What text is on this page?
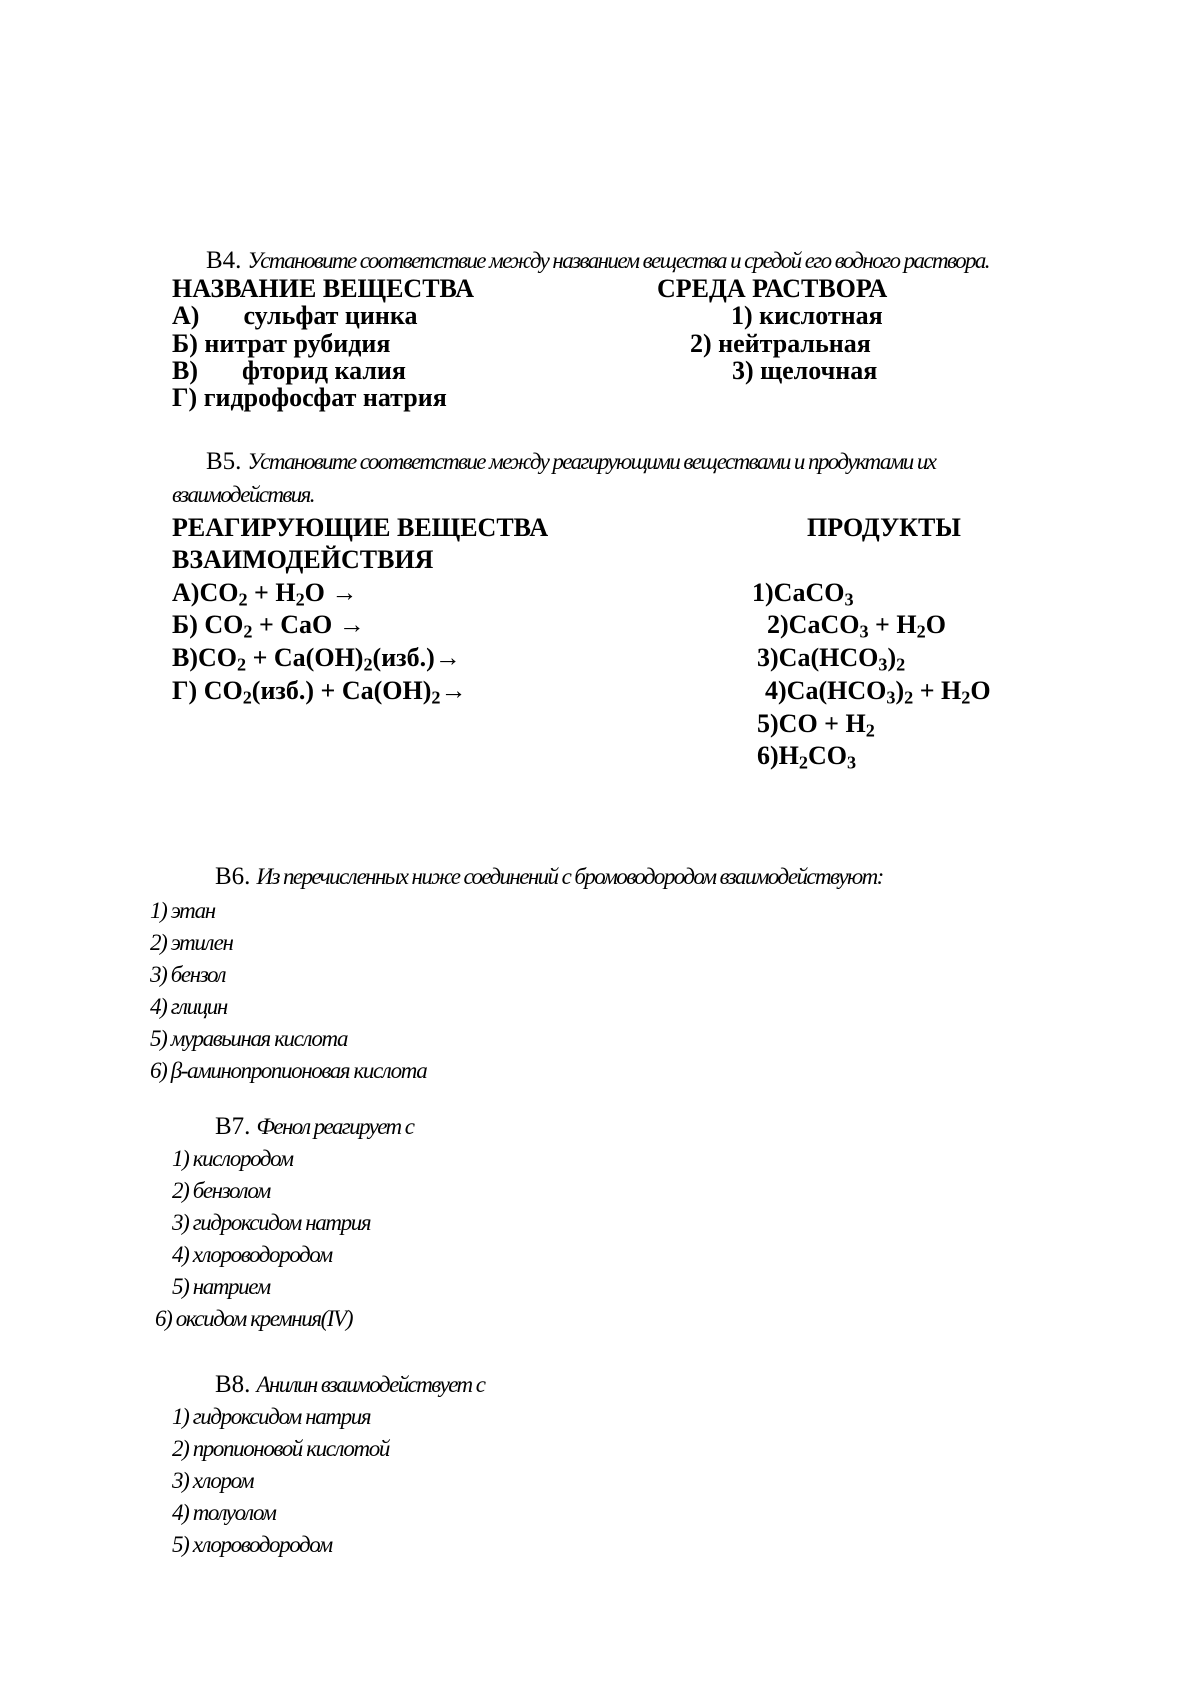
B4. Установите соответствие между названием вещества и средой его водного раствора.
НАЗВАНИЕ ВЕЩЕСТВА	СРЕДА РАСТВОРА
А) сульфат цинка
Б) нитрат рубидия
В) фторид калия
Г) гидрофосфат натрия
1) кислотная
2) нейтральная
3) щелочная
B5. Установите соответствие между реагирующими веществами и продуктами их
взаимодействия.
РЕАГИРУЮЩИЕ ВЕЩЕСТВА	ПРОДУКТЫ
ВЗАИМОДЕЙСТВИЯ
$А)CO_2 + H_2O$ →
Б) $CO_2$ + CaO →
$В)CO_2 + Ca(OH)_2(изб.)\to$
Г) $CO_2(изб.) + Ca(OH)_2\to$
1)CaCO$_3$
2)CaCO$_3$ + $H_2O$
$3)Ca(HCO_3)_2$
$4)Ca(HCO_3)_2 + H_2O$
$5)CO + H_2$
$6)H_2CO_3$
B6. Из перечисленных ниже соединений с бромоводородом взаимодействуют:
1) этан
2) этилен
3) бензол
4) глицин
5) муравьиная кислота
6) β-аминопропионовая кислота
B7. Фенол реагирует с
1) кислородом
2) бензолом
3) гидроксидом натрия
4) хлороводородом
5) натрием
6) оксидом кремния(IV)
B8. Анилин взаимодействует с
1) гидроксидом натрия
2) пропионовой кислотой
3) хлором
4) толуолом
5) хлороводородом
